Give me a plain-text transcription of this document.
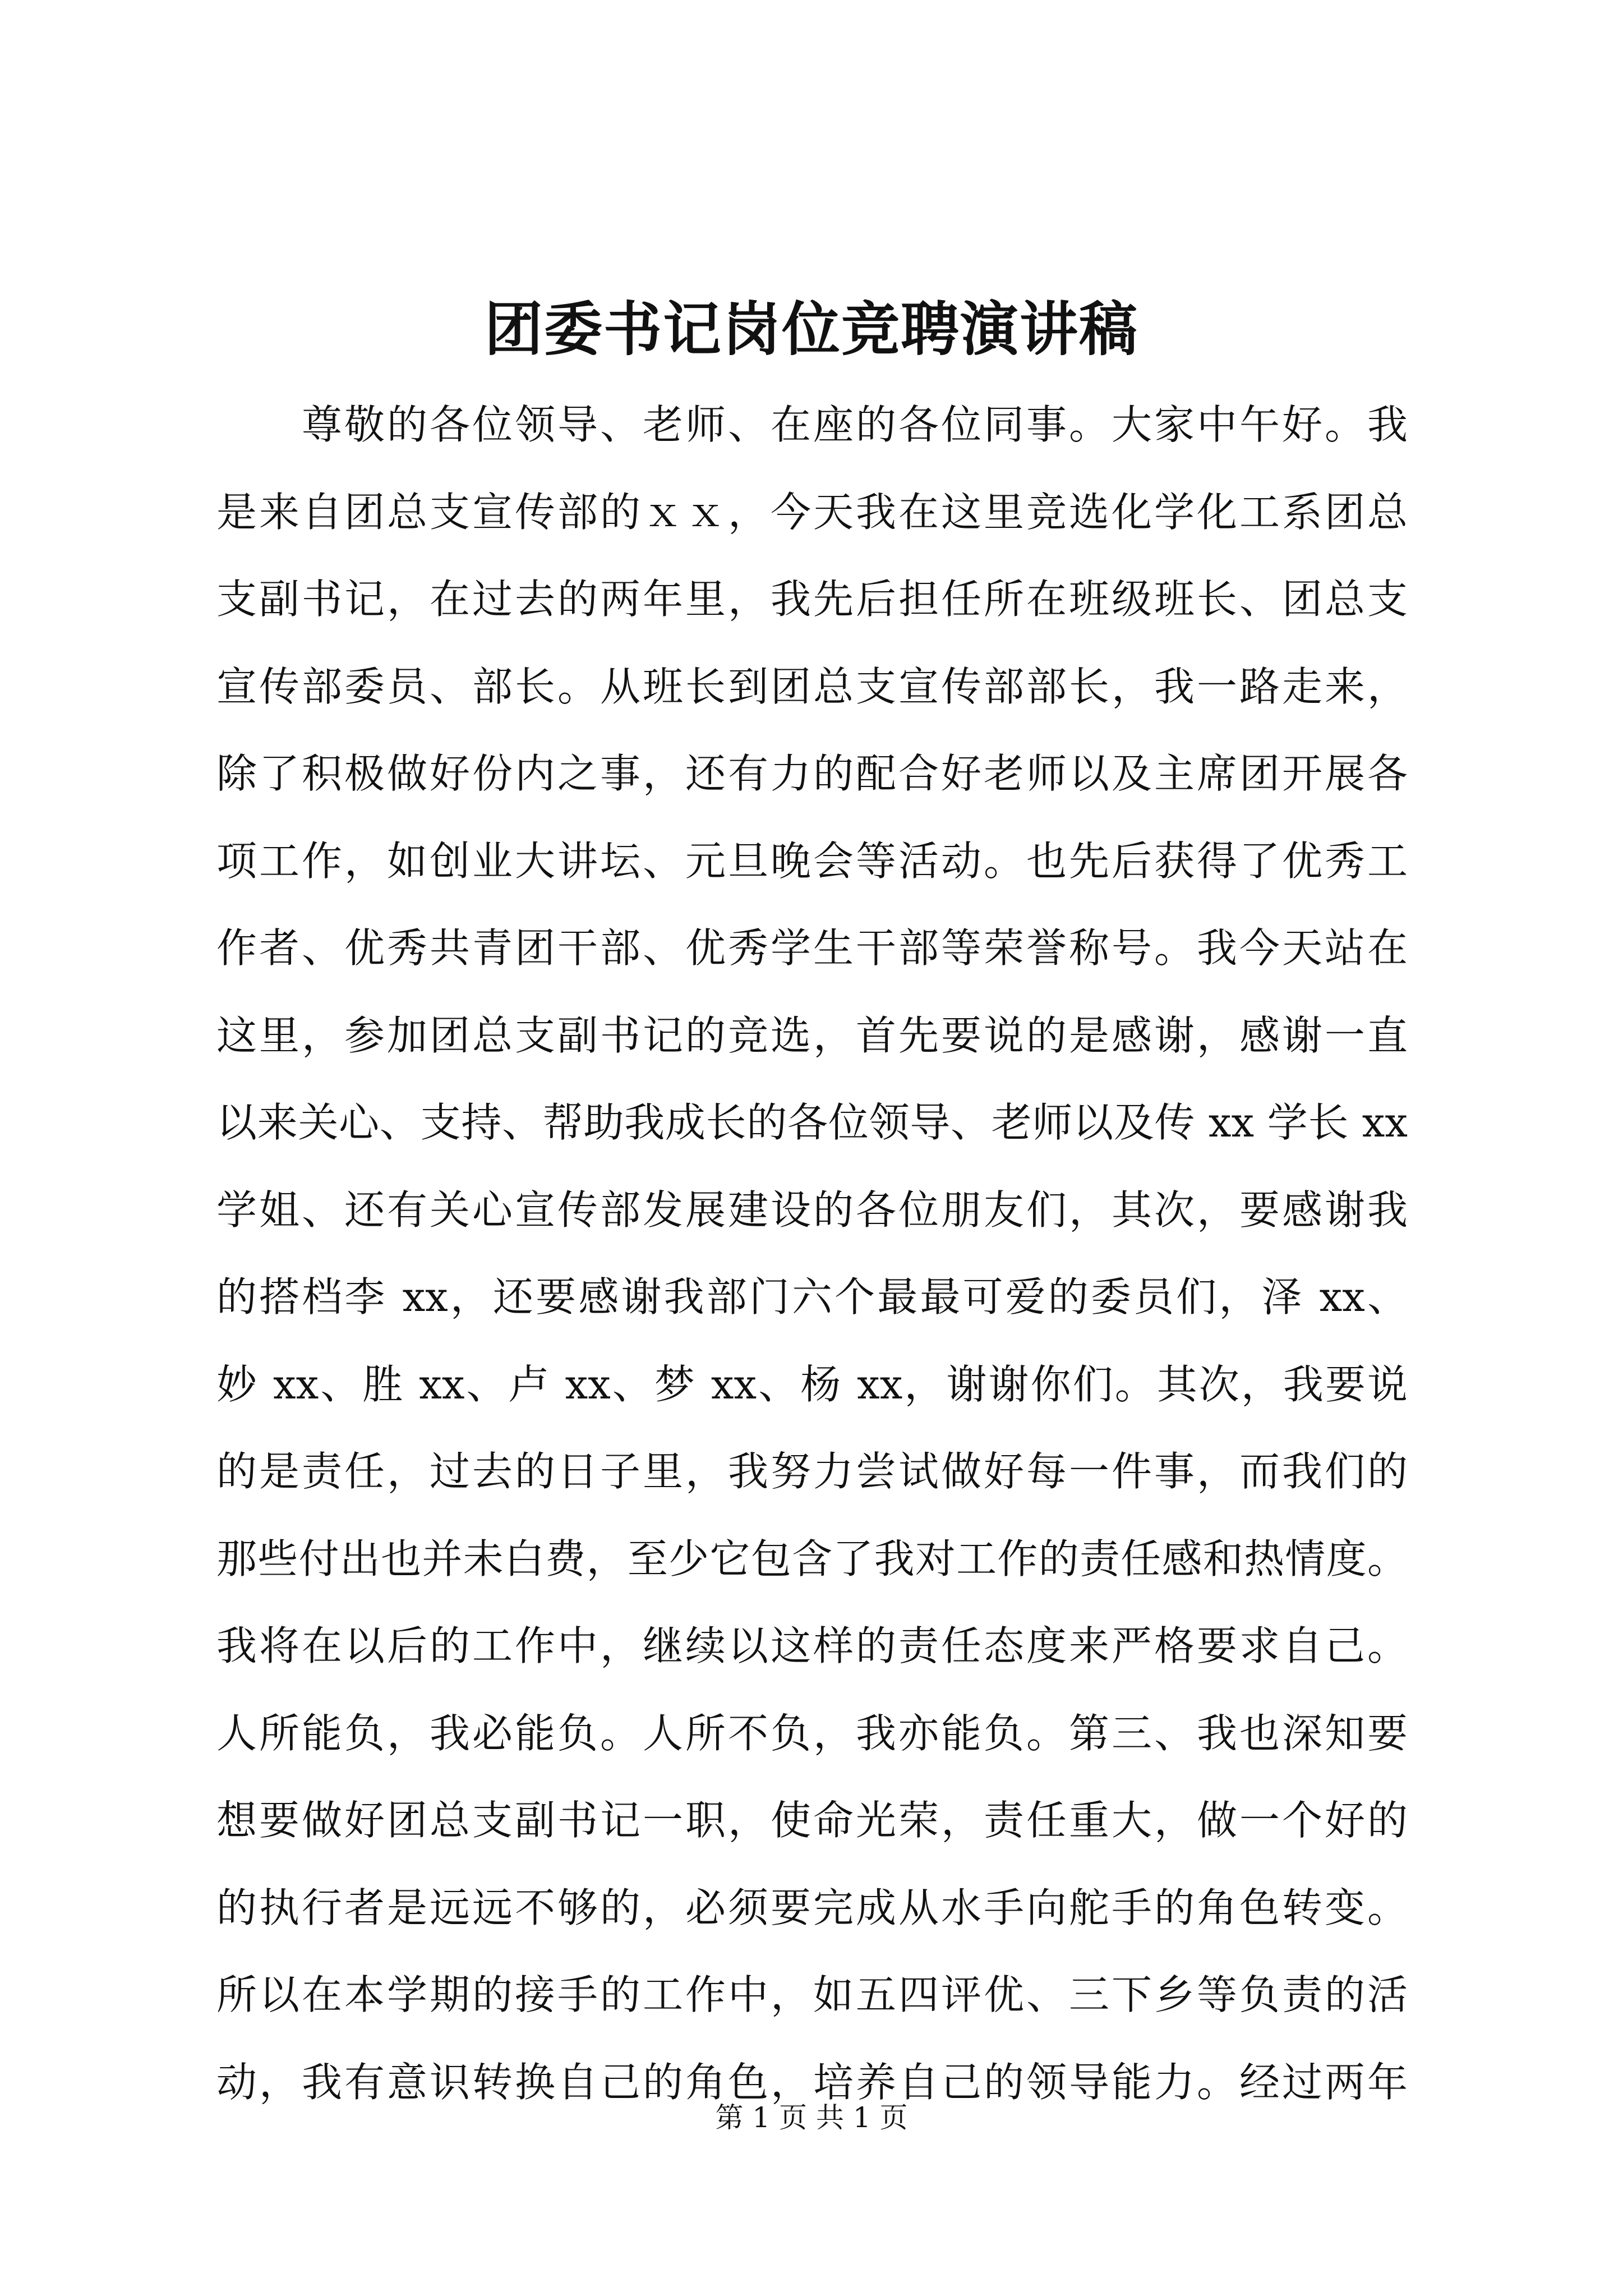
团委书记岗位竞聘演讲稿
　　尊敬的各位领导、老师、在座的各位同事。大家中午好。我
是来自团总支宣传部的ｘｘ，今天我在这里竞选化学化工系团总
支副书记，在过去的两年里，我先后担任所在班级班长、团总支
宣传部委员、部长。从班长到团总支宣传部部长，我一路走来，
除了积极做好份内之事，还有力的配合好老师以及主席团开展各
项工作，如创业大讲坛、元旦晚会等活动。也先后获得了优秀工
作者、优秀共青团干部、优秀学生干部等荣誉称号。我今天站在
这里，参加团总支副书记的竞选，首先要说的是感谢，感谢一直
以来关心、支持、帮助我成长的各位领导、老师以及传 xx 学长 xx
学姐、还有关心宣传部发展建设的各位朋友们，其次，要感谢我
的搭档李 xx，还要感谢我部门六个最最可爱的委员们，泽 xx、
妙 xx、胜 xx、卢 xx、梦 xx、杨 xx，谢谢你们。其次，我要说
的是责任，过去的日子里，我努力尝试做好每一件事，而我们的
那些付出也并未白费，至少它包含了我对工作的责任感和热情度。
我将在以后的工作中，继续以这样的责任态度来严格要求自己。
人所能负，我必能负。人所不负，我亦能负。第三、我也深知要
想要做好团总支副书记一职，使命光荣，责任重大，做一个好的
的执行者是远远不够的，必须要完成从水手向舵手的角色转变。
所以在本学期的接手的工作中，如五四评优、三下乡等负责的活
动，我有意识转换自己的角色，培养自己的领导能力。经过两年
第 1 页 共 1 页
